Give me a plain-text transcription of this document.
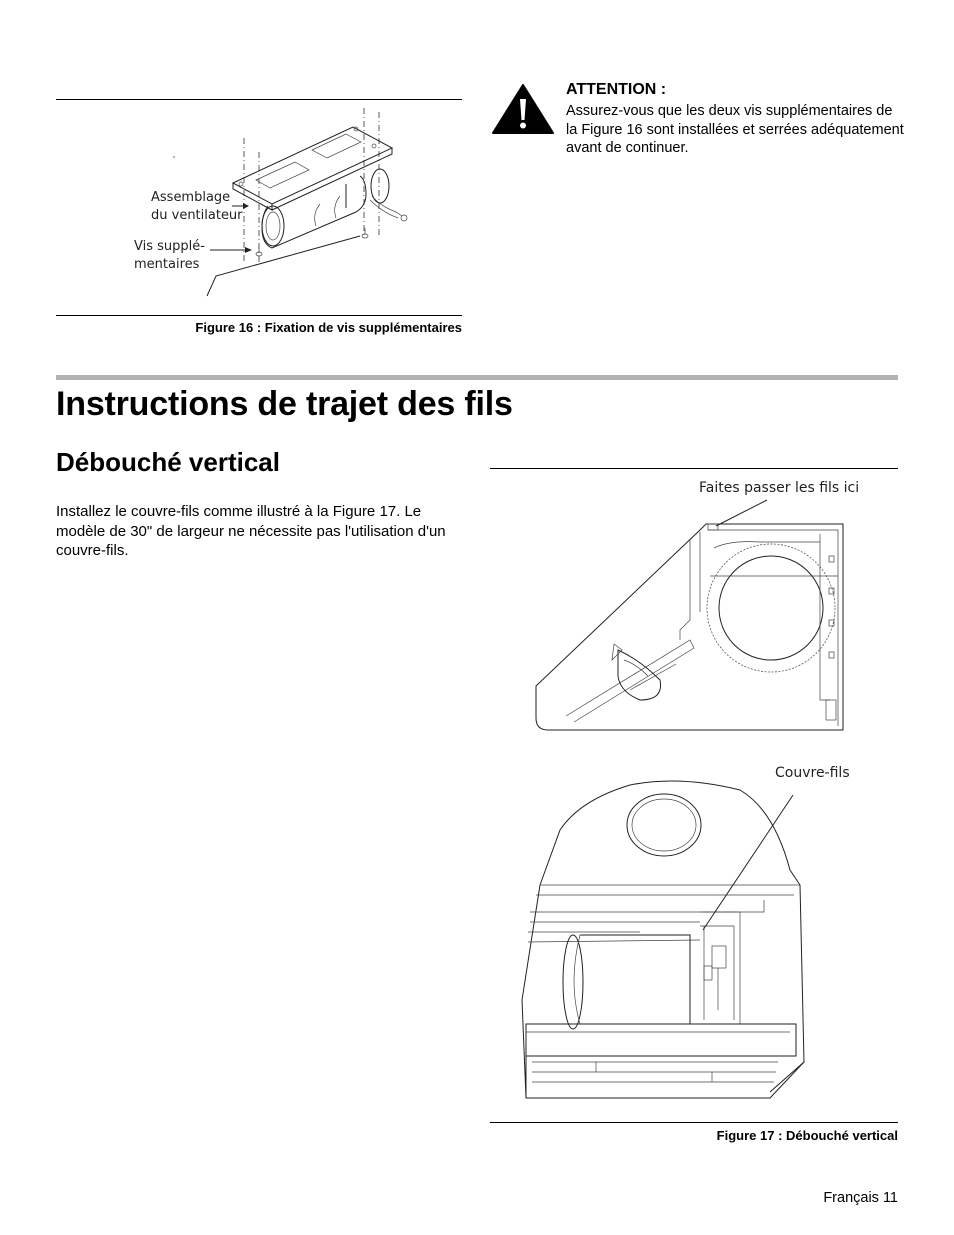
Assemblage du ventilateur
Vis supplé- mentaires
Figure 16 : Fixation de vis supplémentaires
ATTENTION :
Assurez-vous que les deux vis supplémentaires de la Figure 16 sont installées et serrées adéquatement avant de continuer.
Instructions de trajet des fils
Débouché vertical
Installez le couvre-fils comme illustré à la Figure 17. Le modèle de 30" de largeur ne nécessite pas l'utilisation d'un couvre-fils.
Faites passer les fils ici
Couvre-fils
Figure 17 : Débouché vertical
Français 11
